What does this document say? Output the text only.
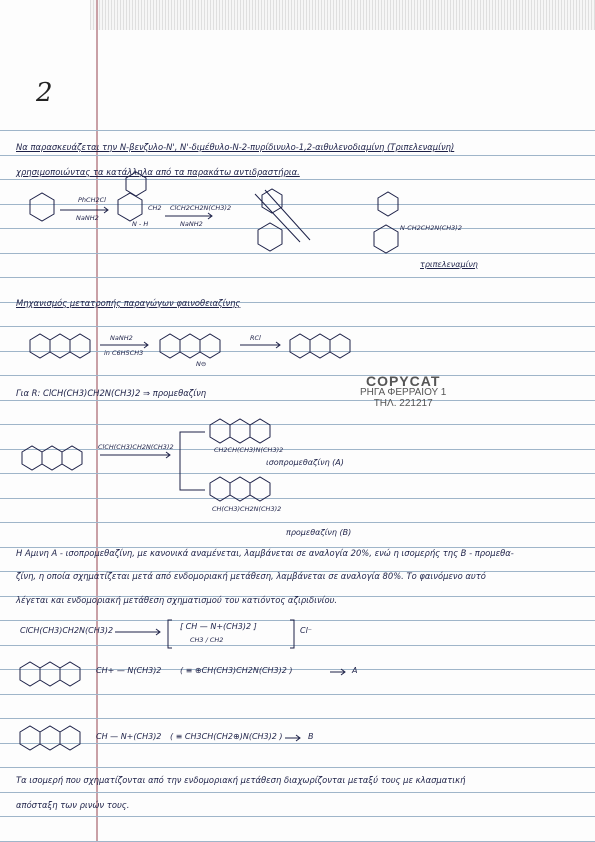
2
Να παρασκευάζεται την N-βενζυλο-N', N'-διμέθυλο-N-2-πυρίδινυλο-1,2-αιθυλενοδιαμίνη (Τριπελεναμίνη)
χρησιμοποιώντας τα κατάλληλα από τα παρακάτω αντιδραστήρια.
PhCH2Cl
NaNH2
CH2
N - H
ClCH2CH2N(CH3)2
NaNH2	N-CH2CH2N(CH3)2
τριπελεναμίνη
Μηχανισμός μετατροπής παραγώγων φαινοθειαζίνης
NaNH2
in C6H5CH3
RCl
N⊖
Για R: ClCH(CH3)CH2N(CH3)2 ⇒ προμεθαζίνη
COPYCAT
ΡΗΓΑ ΦΕΡΡΑΙΟΥ 1
ΤΗΛ. 221217
ClCH(CH3)CH2N(CH3)2	CH2CH(CH3)N(CH3)2
ισοπρομεθαζίνη (A)
CH(CH3)CH2N(CH3)2
προμεθαζίνη (B)
Η Αμινη A - ισοπρομεθαζίνη, με κανονικά αναμένεται, λαμβάνεται σε αναλογία 20%, ενώ η ισομερής της B - προμεθα-
ζίνη, η οποία σχηματίζεται μετά από ενδομοριακή μετάθεση, λαμβάνεται σε αναλογία 80%. Το φαινόμενο αυτό
λέγεται και ενδομοριακή μετάθεση σχηματισμού του κατιόντος αζιριδινίου.
ClCH(CH3)CH2N(CH3)2	[ CH — N+(CH3)2 ]
CH3 / CH2
Cl⁻
CH+ — N(CH3)2 ( ≡ ⊕CH(CH3)CH2N(CH3)2 )	A
CH — N+(CH3)2 ( ≡ CH3CH(CH2⊕)N(CH3)2 )	B
Τα ισομερή που σχηματίζονται από την ενδομοριακή μετάθεση διαχωρίζονται μεταξύ τους με κλασματική
απόσταξη των ρινών τους.
